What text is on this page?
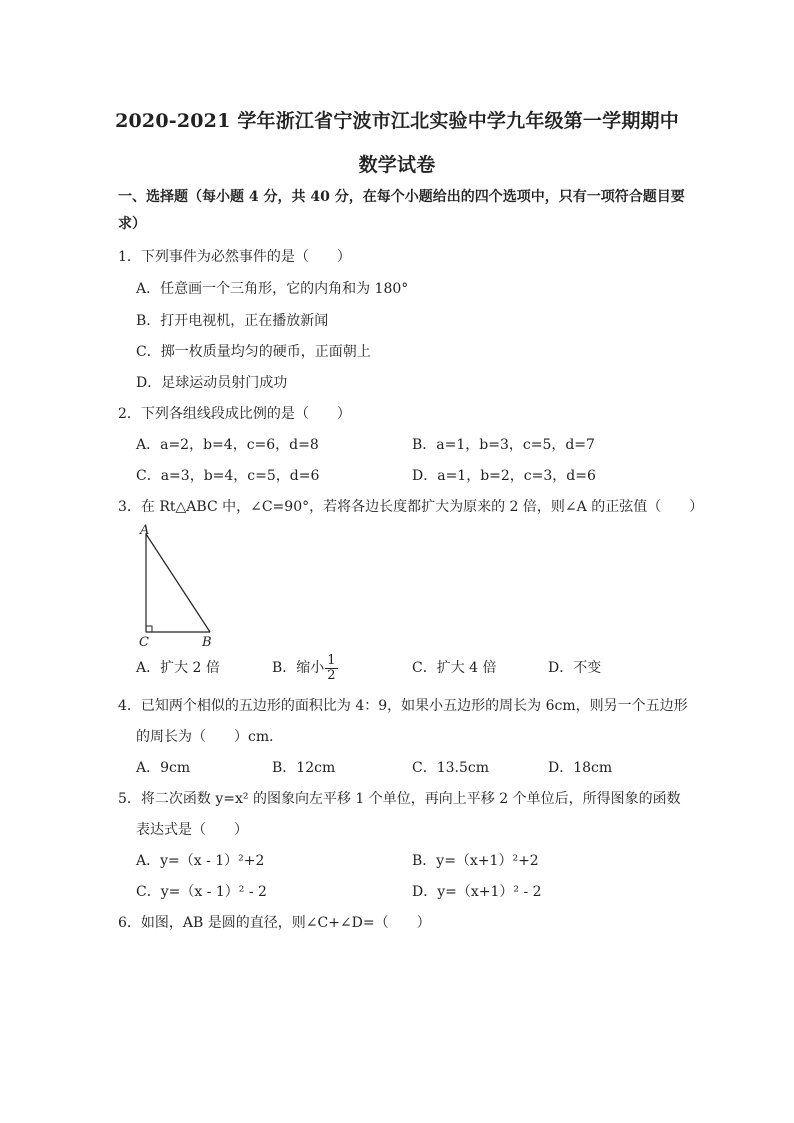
2020-2021 学年浙江省宁波市江北实验中学九年级第一学期期中
数学试卷
一、选择题（每小题 4 分，共 40 分，在每个小题给出的四个选项中，只有一项符合题目要
求）
1．下列事件为必然事件的是（　　）
A．任意画一个三角形，它的内角和为 180°
B．打开电视机，正在播放新闻
C．掷一枚质量均匀的硬币，正面朝上
D．足球运动员射门成功
2．下列各组线段成比例的是（　　）
A．a=2，b=4，c=6，d=8	B．a=1，b=3，c=5，d=7
C．a=3，b=4，c=5，d=6	D．a=1，b=2，c=3，d=6
3．在 Rt△ABC 中，∠C=90°，若将各边长度都扩大为原来的 2 倍，则∠A 的正弦值（　　）
A
C	B
A．扩大 2 倍	B．缩小 $\frac{1}{2}$	C．扩大 4 倍	D．不变
4．已知两个相似的五边形的面积比为 4：9，如果小五边形的周长为 6cm，则另一个五边形
的周长为（　　）cm．
A．9cm	B．12cm	C．13.5cm	D．18cm
5．将二次函数 y=x² 的图象向左平移 1 个单位，再向上平移 2 个单位后，所得图象的函数
表达式是（　　）
A．y=（x - 1）²+2	B．y=（x+1）²+2
C．y=（x - 1）² - 2	D．y=（x+1）² - 2
6．如图，AB 是圆的直径，则∠C+∠D=（　　）
